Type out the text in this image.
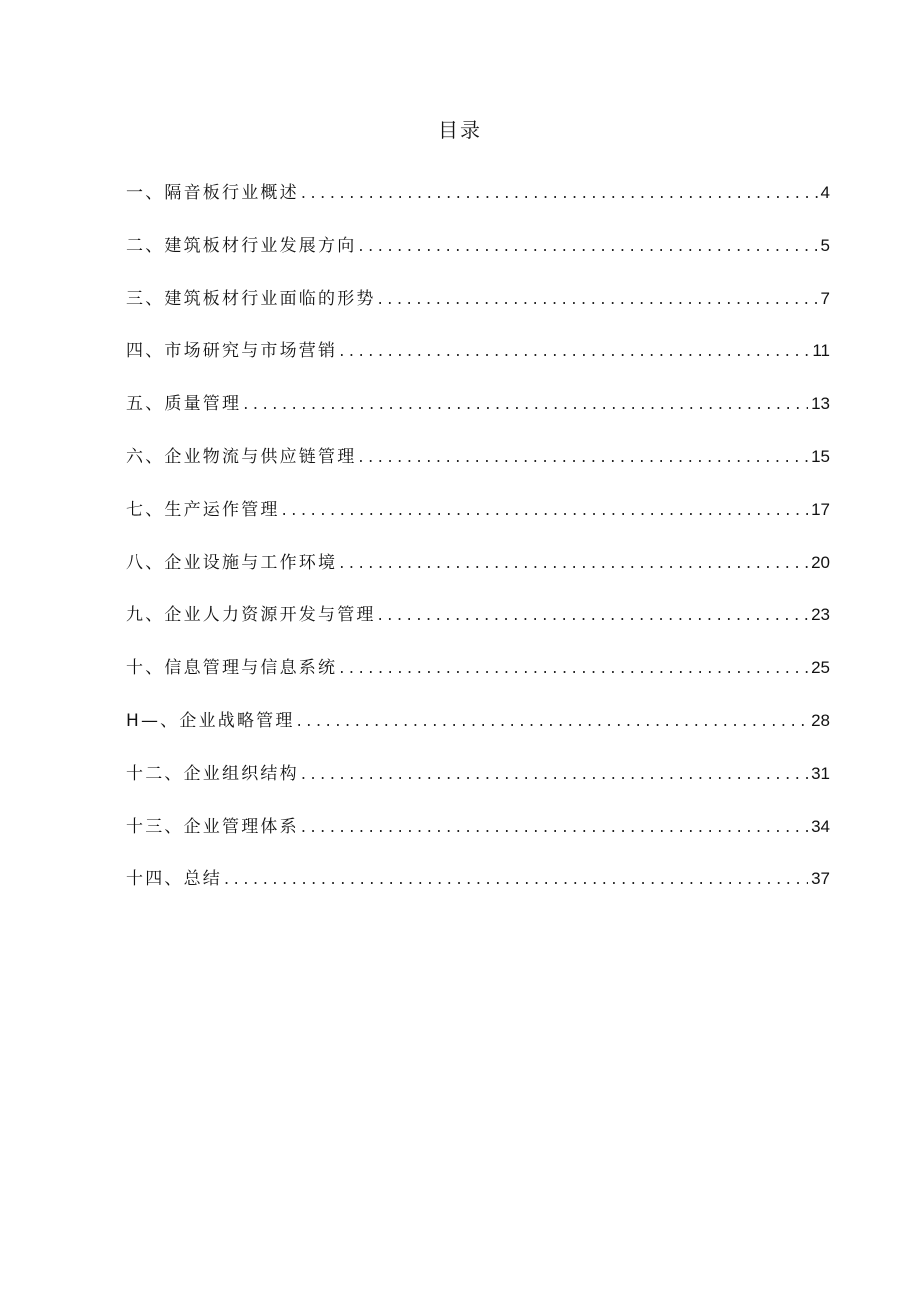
目录
一、隔音板行业概述 .....	4
二、建筑板材行业发展方向 .....	5
三、建筑板材行业面临的形势 .....	7
四、市场研究与市场营销 .....	11
五、质量管理 .....	13
六、企业物流与供应链管理 .....	15
七、生产运作管理 .....	17
八、企业设施与工作环境 .....	20
九、企业人力资源开发与管理 .....	23
十、信息管理与信息系统 .....	25
H—、企业战略管理 .....	28
十二、企业组织结构 .....	31
十三、企业管理体系 .....	34
十四、总结 .....	37
